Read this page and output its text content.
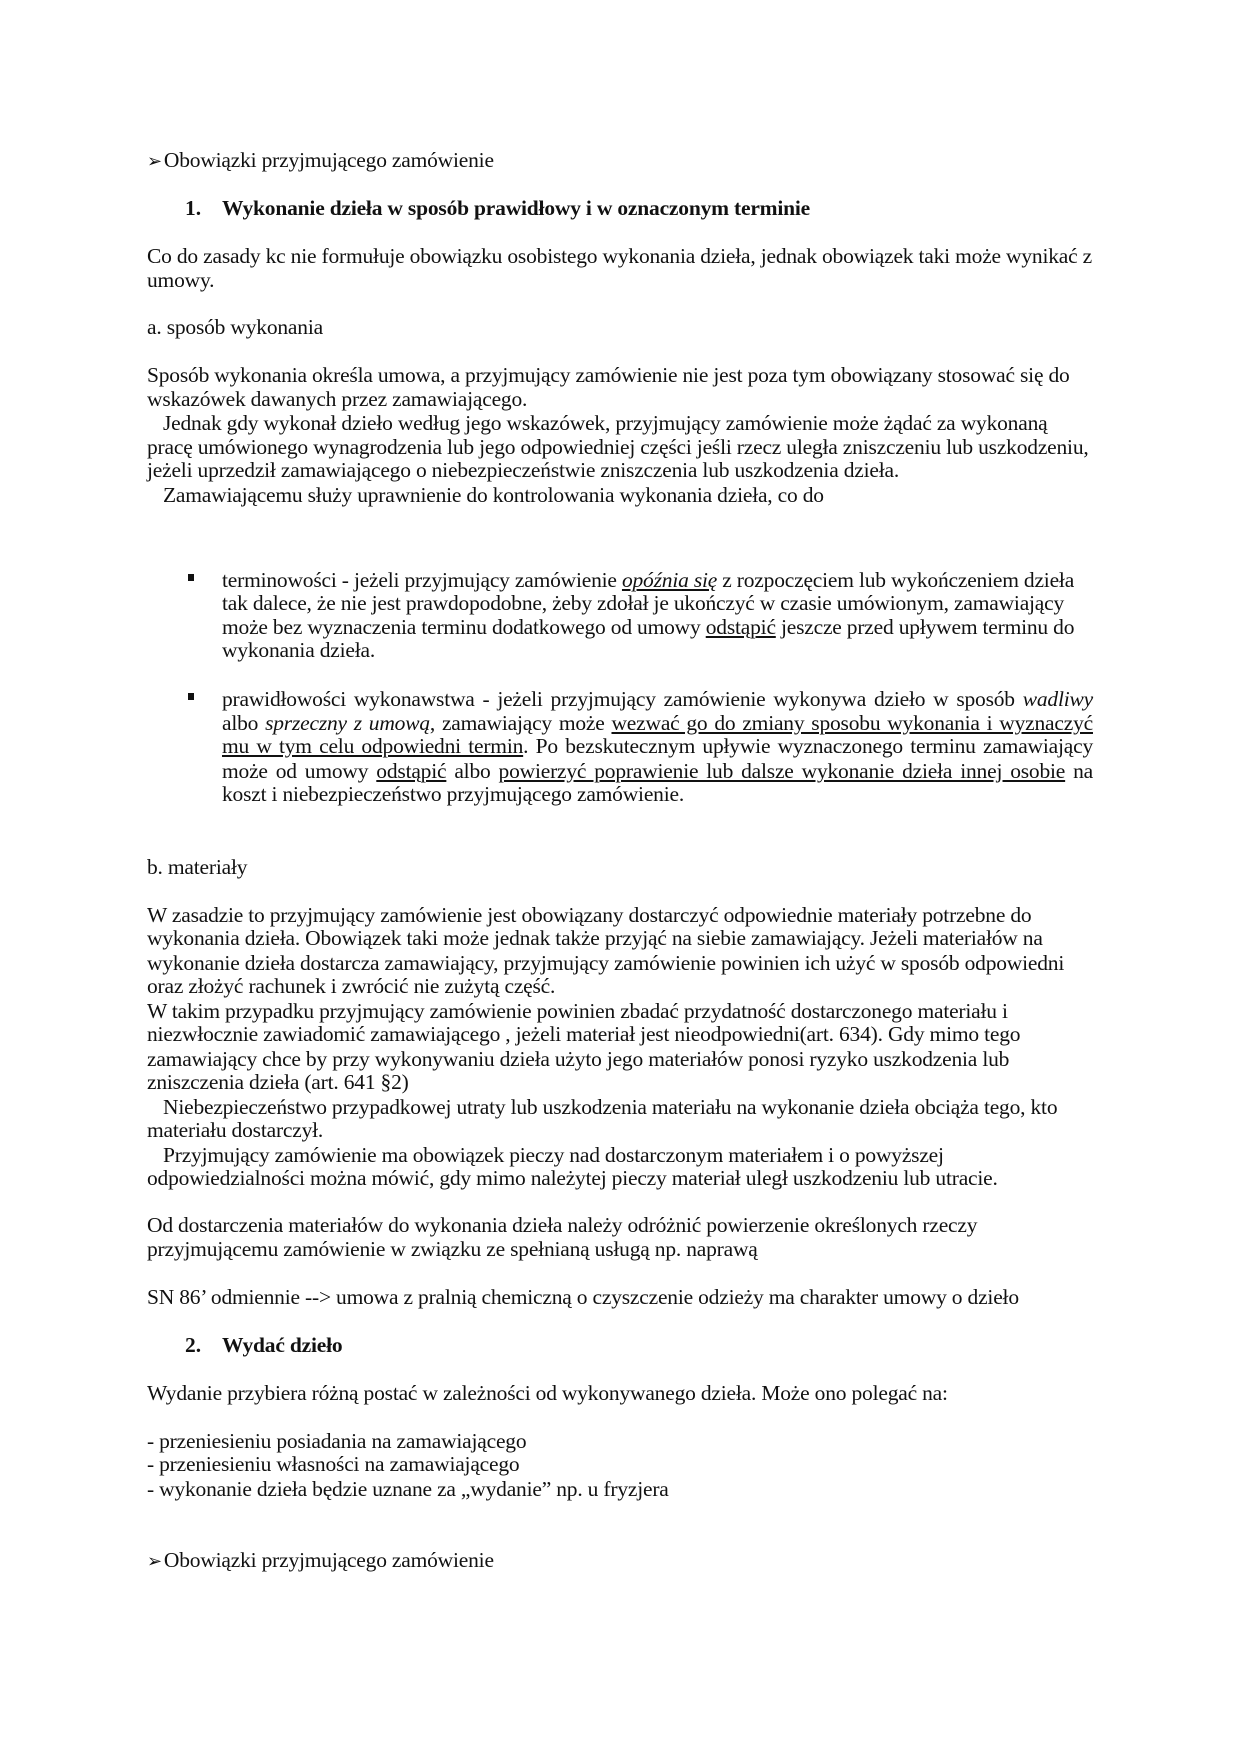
➢Obowiązki przyjmującego zamówienie
1. Wykonanie dzieła w sposób prawidłowy i w oznaczonym terminie
Co do zasady kc nie formułuje obowiązku osobistego wykonania dzieła, jednak obowiązek taki może wynikać z
umowy.
a. sposób wykonania
Sposób wykonania określa umowa, a przyjmujący zamówienie nie jest poza tym obowiązany stosować się do
wskazówek dawanych przez zamawiającego.
Jednak gdy wykonał dzieło według jego wskazówek, przyjmujący zamówienie może żądać za wykonaną
pracę umówionego wynagrodzenia lub jego odpowiedniej części jeśli rzecz uległa zniszczeniu lub uszkodzeniu,
jeżeli uprzedził zamawiającego o niebezpieczeństwie zniszczenia lub uszkodzenia dzieła.
Zamawiającemu służy uprawnienie do kontrolowania wykonania dzieła, co do
terminowości - jeżeli przyjmujący zamówienie opóźnia się z rozpoczęciem lub wykończeniem dzieła
tak dalece, że nie jest prawdopodobne, żeby zdołał je ukończyć w czasie umówionym, zamawiający
może bez wyznaczenia terminu dodatkowego od umowy odstąpić jeszcze przed upływem terminu do
wykonania dzieła.
prawidłowości wykonawstwa - jeżeli przyjmujący zamówienie wykonywa dzieło w sposób wadliwy
albo sprzeczny z umową, zamawiający może wezwać go do zmiany sposobu wykonania i wyznaczyć
mu w tym celu odpowiedni termin. Po bezskutecznym upływie wyznaczonego terminu zamawiający
może od umowy odstąpić albo powierzyć poprawienie lub dalsze wykonanie dzieła innej osobie na
koszt i niebezpieczeństwo przyjmującego zamówienie.
b. materiały
W zasadzie to przyjmujący zamówienie jest obowiązany dostarczyć odpowiednie materiały potrzebne do
wykonania dzieła. Obowiązek taki może jednak także przyjąć na siebie zamawiający. Jeżeli materiałów na
wykonanie dzieła dostarcza zamawiający, przyjmujący zamówienie powinien ich użyć w sposób odpowiedni
oraz złożyć rachunek i zwrócić nie zużytą część.
W takim przypadku przyjmujący zamówienie powinien zbadać przydatność dostarczonego materiału i
niezwłocznie zawiadomić zamawiającego , jeżeli materiał jest nieodpowiedni(art. 634). Gdy mimo tego
zamawiający chce by przy wykonywaniu dzieła użyto jego materiałów ponosi ryzyko uszkodzenia lub
zniszczenia dzieła (art. 641 §2)
Niebezpieczeństwo przypadkowej utraty lub uszkodzenia materiału na wykonanie dzieła obciąża tego, kto
materiału dostarczył.
Przyjmujący zamówienie ma obowiązek pieczy nad dostarczonym materiałem i o powyższej
odpowiedzialności można mówić, gdy mimo należytej pieczy materiał uległ uszkodzeniu lub utracie.
Od dostarczenia materiałów do wykonania dzieła należy odróżnić powierzenie określonych rzeczy
przyjmującemu zamówienie w związku ze spełnianą usługą np. naprawą
SN 86’ odmiennie --> umowa z pralnią chemiczną o czyszczenie odzieży ma charakter umowy o dzieło
2. Wydać dzieło
Wydanie przybiera różną postać w zależności od wykonywanego dzieła. Może ono polegać na:
- przeniesieniu posiadania na zamawiającego
- przeniesieniu własności na zamawiającego
- wykonanie dzieła będzie uznane za „wydanie” np. u fryzjera
➢Obowiązki przyjmującego zamówienie
